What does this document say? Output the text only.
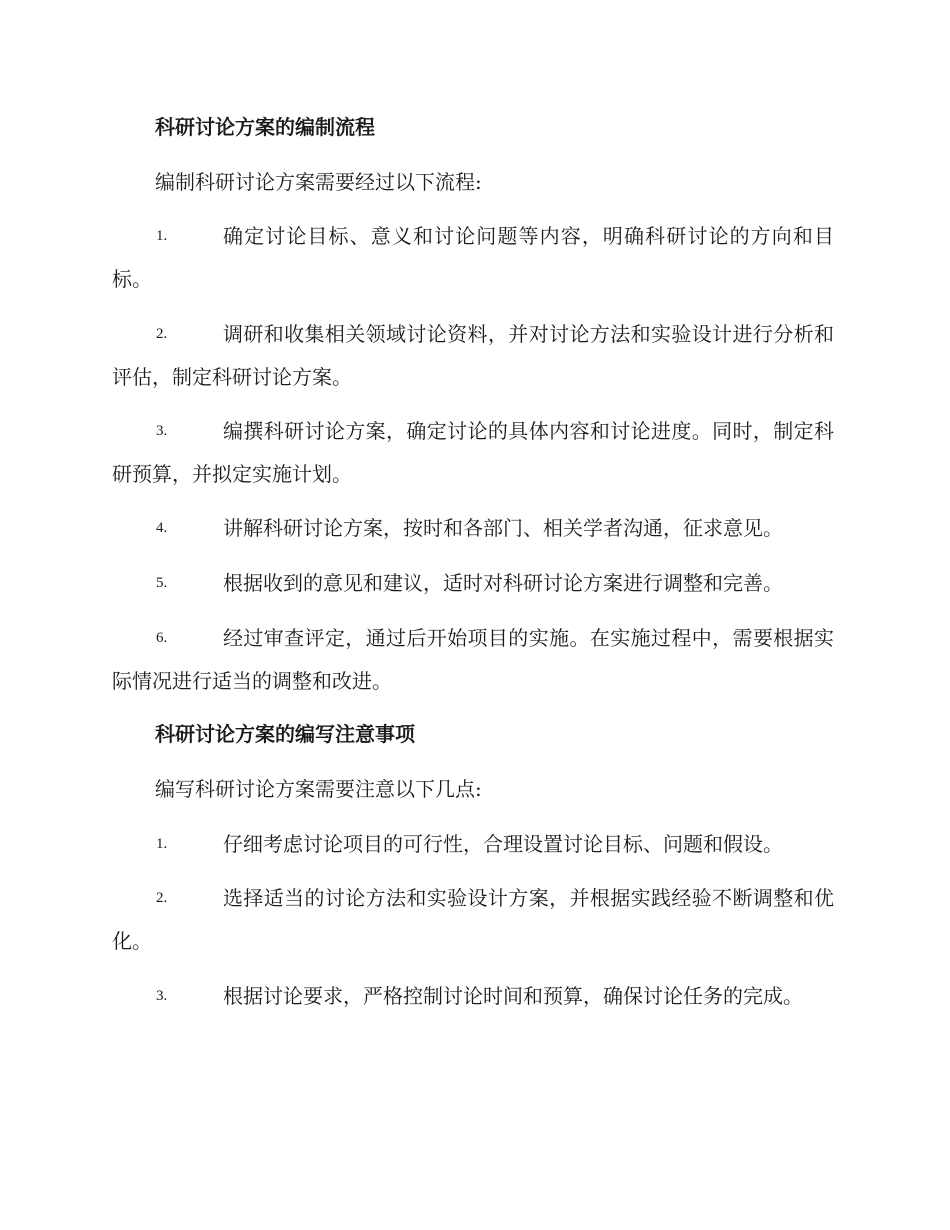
科研讨论方案的编制流程
编制科研讨论方案需要经过以下流程:
1.	确定讨论目标、意义和讨论问题等内容，明确科研讨论的方向和目标。
2.	调研和收集相关领域讨论资料，并对讨论方法和实验设计进行分析和评估，制定科研讨论方案。
3.	编撰科研讨论方案，确定讨论的具体内容和讨论进度。同时，制定科研预算，并拟定实施计划。
4.	讲解科研讨论方案，按时和各部门、相关学者沟通，征求意见。
5.	根据收到的意见和建议，适时对科研讨论方案进行调整和完善。
6.	经过审查评定，通过后开始项目的实施。在实施过程中，需要根据实际情况进行适当的调整和改进。
科研讨论方案的编写注意事项
编写科研讨论方案需要注意以下几点:
1.	仔细考虑讨论项目的可行性，合理设置讨论目标、问题和假设。
2.	选择适当的讨论方法和实验设计方案，并根据实践经验不断调整和优化。
3.	根据讨论要求，严格控制讨论时间和预算，确保讨论任务的完成。
